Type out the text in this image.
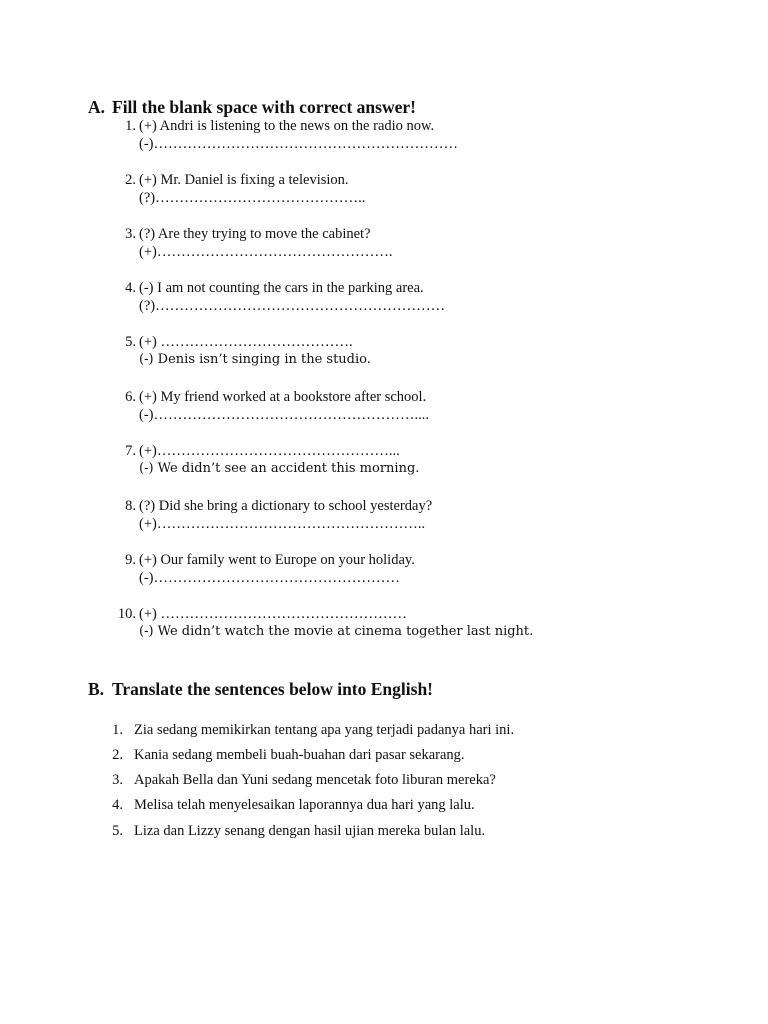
A. Fill the blank space with correct answer!
1. (+) Andri is listening to the news on the radio now.
(-)………………………………………………………
2. (+) Mr. Daniel is fixing a television.
(?)……………………………………..
3. (?) Are they trying to move the cabinet?
(+)………………………………………….
4. (-) I am not counting the cars in the parking area.
(?)……………………………………………………
5. (+) ………………………………….
(-) Denis isn’t singing in the studio.
6. (+) My friend worked at a bookstore after school.
(-)………………………………………………....
7. (+)…………………………………………...
(-) We didn’t see an accident this morning.
8. (?) Did she bring a dictionary to school yesterday?
(+)………………………………………………..
9. (+) Our family went to Europe on your holiday.
(-)……………………………………………
10. (+) ……………………………………………
(-) We didn’t watch the movie at cinema together last night.
B. Translate the sentences below into English!
1. Zia sedang memikirkan tentang apa yang terjadi padanya hari ini.
2. Kania sedang membeli buah-buahan dari pasar sekarang.
3. Apakah Bella dan Yuni sedang mencetak foto liburan mereka?
4. Melisa telah menyelesaikan laporannya dua hari yang lalu.
5. Liza dan Lizzy senang dengan hasil ujian mereka bulan lalu.
